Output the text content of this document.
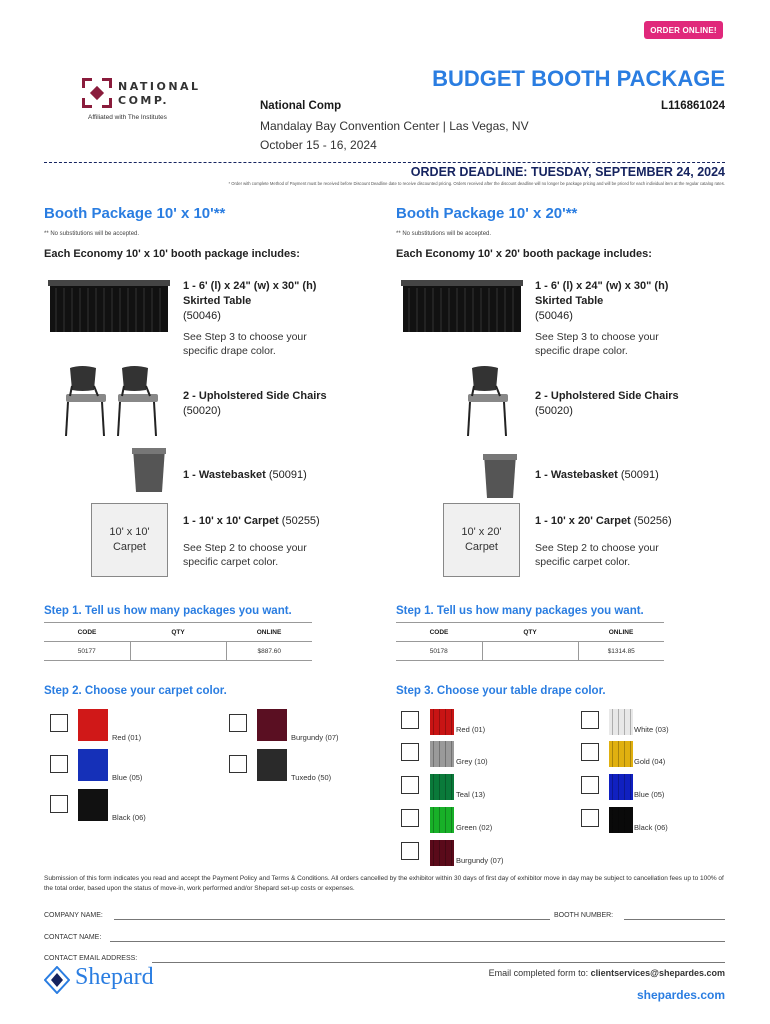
ORDER ONLINE!
NATIONAL
COMP.
Affiliated with The Institutes
BUDGET BOOTH PACKAGE
National Comp	L116861024
Mandalay Bay Convention Center | Las Vegas, NV
October 15 - 16, 2024
ORDER DEADLINE: TUESDAY, SEPTEMBER 24, 2024
* Order with complete Method of Payment must be received before Discount Deadline date to receive discounted pricing. Orders received after the discount deadline will no longer be package pricing and will be priced for each individual item at the regular catalog rates.
Booth Package 10' x 10'**
** No substitutions will be accepted.
Each Economy 10' x 10' booth package includes:
1 - 6' (l) x 24" (w) x 30" (h)
Skirted Table
(50046)
See Step 3 to choose your specific drape color.
2 - Upholstered Side Chairs
(50020)
1 - Wastebasket (50091)
10' x 10'
Carpet
1 - 10' x 10' Carpet (50255)
See Step 2 to choose your specific carpet color.
Step 1. Tell us how many packages you want.
CODE	QTY	ONLINE
50177		$887.60
Booth Package 10' x 20'**
** No substitutions will be accepted.
Each Economy 10' x 20' booth package includes:
1 - 6' (l) x 24" (w) x 30" (h)
Skirted Table
(50046)
See Step 3 to choose your specific drape color.
2 - Upholstered Side Chairs
(50020)
1 - Wastebasket (50091)
10' x 20'
Carpet
1 - 10' x 20' Carpet (50256)
See Step 2 to choose your specific carpet color.
Step 1. Tell us how many packages you want.
CODE	QTY	ONLINE
50178		$1314.85
Step 2. Choose your carpet color.
Red (01)	Burgundy (07)
Blue (05)	Tuxedo (50)
Black (06)
Step 3. Choose your table drape color.
Red (01)	White (03)
Grey (10)	Gold (04)
Teal (13)	Blue (05)
Green (02)	Black (06)
Burgundy (07)
Submission of this form indicates you read and accept the Payment Policy and Terms & Conditions. All orders cancelled by the exhibitor within 30 days of first day of exhibitor move in day may be subject to cancellation fees up to 100% of the total order, based upon the status of move-in, work performed and/or Shepard set-up costs or expenses.
COMPANY NAME:	BOOTH NUMBER:
CONTACT NAME:
CONTACT EMAIL ADDRESS:
Shepard	Email completed form to: clientservices@shepardes.com
shepardes.com
